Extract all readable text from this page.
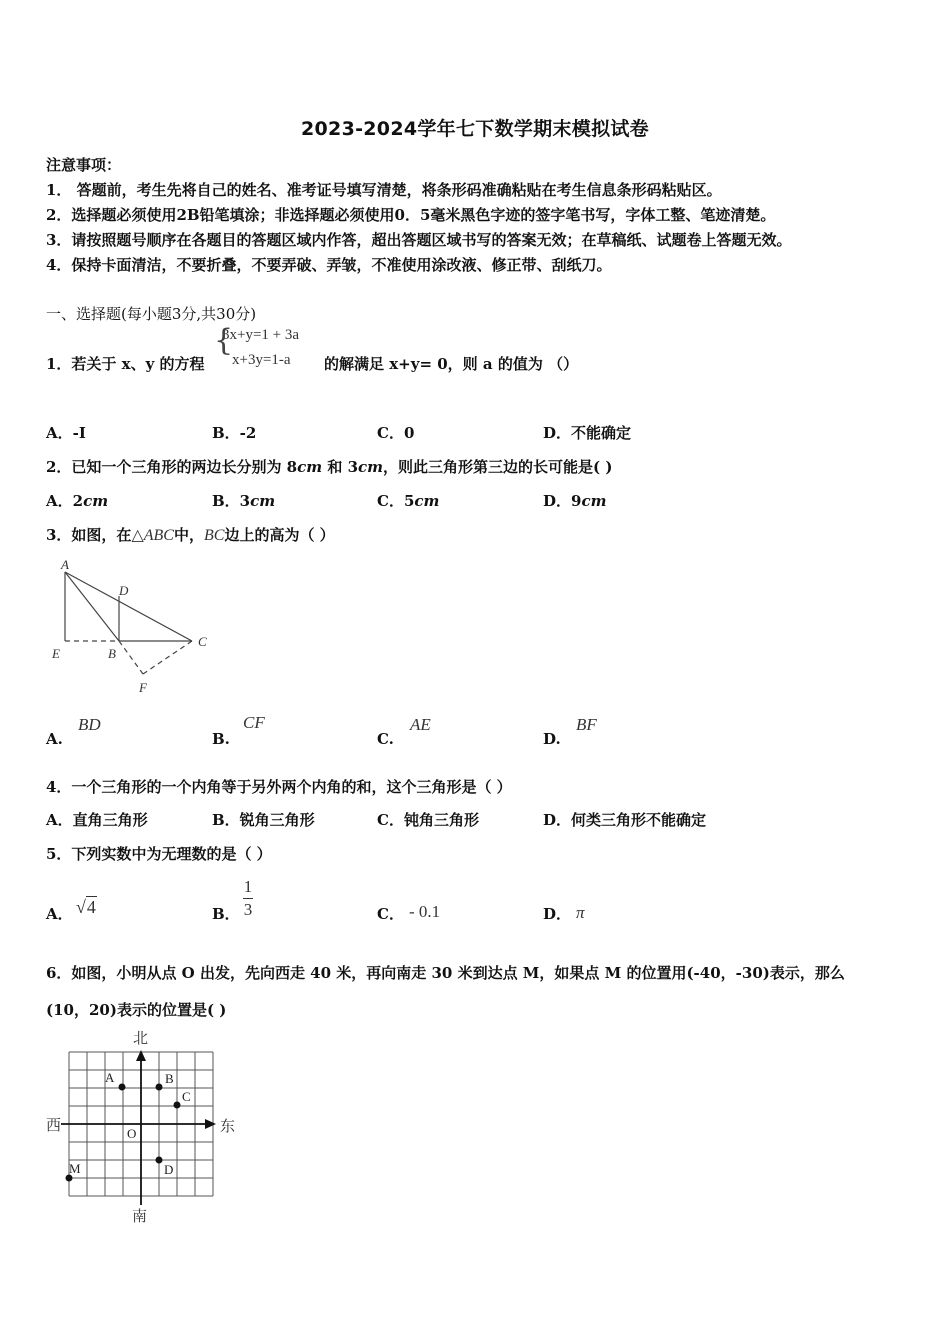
2023-2024学年七下数学期末模拟试卷
注意事项：
1． 答题前，考生先将自己的姓名、准考证号填写清楚，将条形码准确粘贴在考生信息条形码粘贴区。
2．选择题必须使用2B铅笔填涂；非选择题必须使用0．5毫米黑色字迹的签字笔书写，字体工整、笔迹清楚。
3．请按照题号顺序在各题目的答题区域内作答，超出答题区域书写的答案无效；在草稿纸、试题卷上答题无效。
4．保持卡面清洁，不要折叠，不要弄破、弄皱，不准使用涂改液、修正带、刮纸刀。
一、选择题(每小题3分,共30分)
1．若关于 x、y 的方程
{
3x+y=1 + 3a
x+3y=1-a 的解满足 x+y= 0，则 a 的值为 （）
A．-I	B．-2	C．0	D．不能确定
2．已知一个三角形的两边长分别为 8cm 和 3cm，则此三角形第三边的长可能是( )
A．2cm	B．3cm	C．5cm	D．9cm
3．如图，在△ABC中，BC边上的高为（ ）
A
D
E	B
C
F
A.
BD
B.
CF
C.
AE
D.
BF
4．一个三角形的一个内角等于另外两个内角的和，这个三角形是（ ）
A．直角三角形	B．锐角三角形	C．钝角三角形	D．何类三角形不能确定
5．下列实数中为无理数的是（ ）
A． √4	B．
1
3	C． - 0.1	D． π
6．如图，小明从点 O 出发，先向西走 40 米，再向南走 30 米到达点 M，如果点 M 的位置用(-40，-30)表示，那么
(10，20)表示的位置是( )
A	B
C
O
M	D
北
南
西	东
